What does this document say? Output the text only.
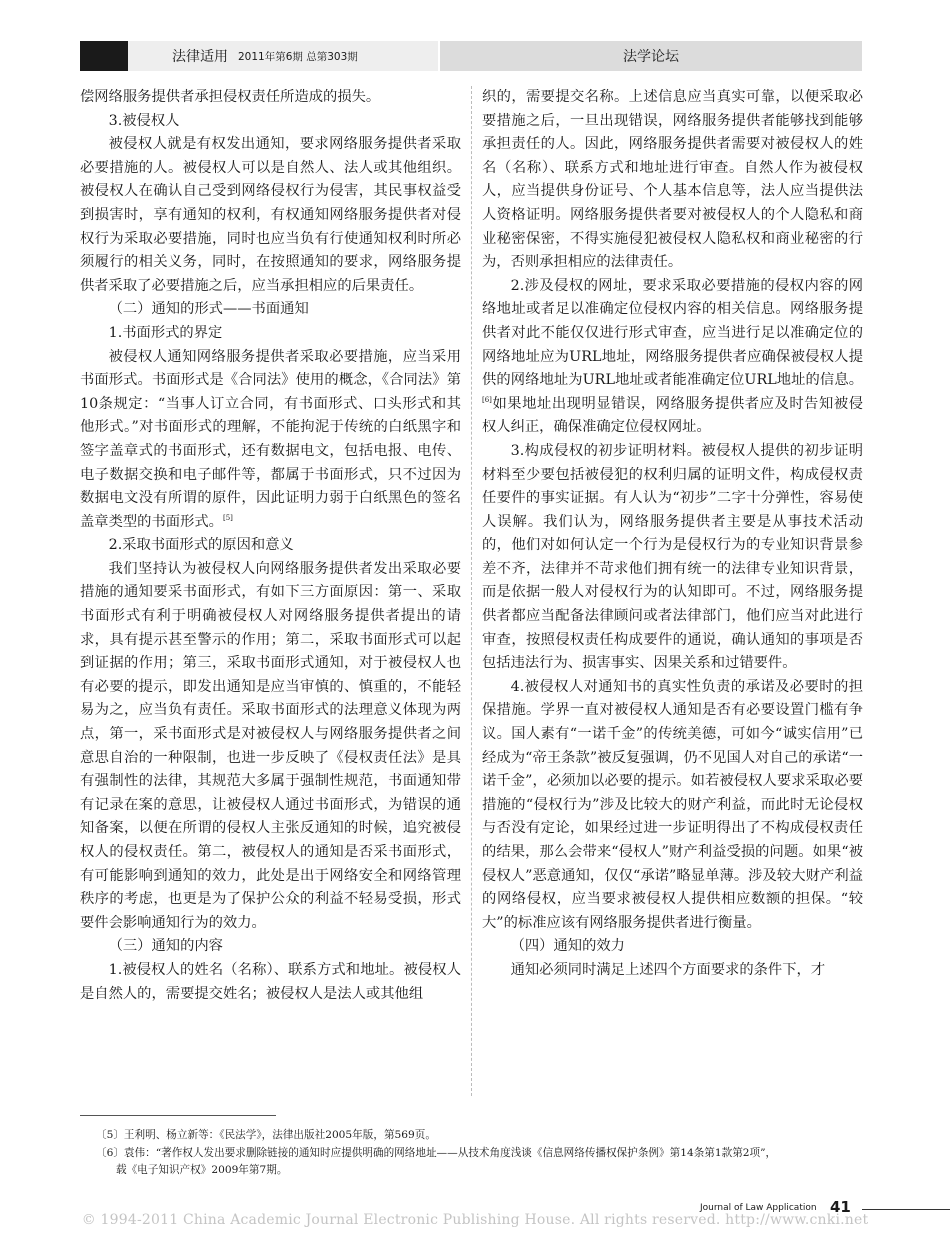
法律适用 2011年第6期 总第303期	法学论坛

偿网络服务提供者承担侵权责任所造成的损失。

3.被侵权人

被侵权人就是有权发出通知，要求网络服务提供者采取必要措施的人。被侵权人可以是自然人、法人或其他组织。被侵权人在确认自己受到网络侵权行为侵害，其民事权益受到损害时，享有通知的权利，有权通知网络服务提供者对侵权行为采取必要措施，同时也应当负有行使通知权利时所必须履行的相关义务，同时，在按照通知的要求，网络服务提供者采取了必要措施之后，应当承担相应的后果责任。

（二）通知的形式——书面通知

1.书面形式的界定

被侵权人通知网络服务提供者采取必要措施，应当采用书面形式。书面形式是《合同法》使用的概念，《合同法》第10条规定：“当事人订立合同，有书面形式、口头形式和其他形式。”对书面形式的理解，不能拘泥于传统的白纸黑字和签字盖章式的书面形式，还有数据电文，包括电报、电传、电子数据交换和电子邮件等，都属于书面形式，只不过因为数据电文没有所谓的原件，因此证明力弱于白纸黑色的签名盖章类型的书面形式。[5]

2.采取书面形式的原因和意义

我们坚持认为被侵权人向网络服务提供者发出采取必要措施的通知要采书面形式，有如下三方面原因：第一、采取书面形式有利于明确被侵权人对网络服务提供者提出的请求，具有提示甚至警示的作用；第二，采取书面形式可以起到证据的作用；第三，采取书面形式通知，对于被侵权人也有必要的提示，即发出通知是应当审慎的、慎重的，不能轻易为之，应当负有责任。采取书面形式的法理意义体现为两点，第一，采书面形式是对被侵权人与网络服务提供者之间意思自治的一种限制，也进一步反映了《侵权责任法》是具有强制性的法律，其规范大多属于强制性规范，书面通知带有记录在案的意思，让被侵权人通过书面形式，为错误的通知备案，以便在所谓的侵权人主张反通知的时候，追究被侵权人的侵权责任。第二，被侵权人的通知是否采书面形式，有可能影响到通知的效力，此处是出于网络安全和网络管理秩序的考虑，也更是为了保护公众的利益不轻易受损，形式要件会影响通知行为的效力。

（三）通知的内容

1.被侵权人的姓名（名称）、联系方式和地址。被侵权人是自然人的，需要提交姓名；被侵权人是法人或其他组

织的，需要提交名称。上述信息应当真实可靠，以便采取必要措施之后，一旦出现错误，网络服务提供者能够找到能够承担责任的人。因此，网络服务提供者需要对被侵权人的姓名（名称）、联系方式和地址进行审查。自然人作为被侵权人，应当提供身份证号、个人基本信息等，法人应当提供法人资格证明。网络服务提供者要对被侵权人的个人隐私和商业秘密保密，不得实施侵犯被侵权人隐私权和商业秘密的行为，否则承担相应的法律责任。

2.涉及侵权的网址，要求采取必要措施的侵权内容的网络地址或者足以准确定位侵权内容的相关信息。网络服务提供者对此不能仅仅进行形式审查，应当进行足以准确定位的网络地址应为URL地址，网络服务提供者应确保被侵权人提供的网络地址为URL地址或者能准确定位URL地址的信息。[6]如果地址出现明显错误，网络服务提供者应及时告知被侵权人纠正，确保准确定位侵权网址。

3.构成侵权的初步证明材料。被侵权人提供的初步证明材料至少要包括被侵犯的权利归属的证明文件，构成侵权责任要件的事实证据。有人认为“初步”二字十分弹性，容易使人误解。我们认为，网络服务提供者主要是从事技术活动的，他们对如何认定一个行为是侵权行为的专业知识背景参差不齐，法律并不苛求他们拥有统一的法律专业知识背景，而是依据一般人对侵权行为的认知即可。不过，网络服务提供者都应当配备法律顾问或者法律部门，他们应当对此进行审查，按照侵权责任构成要件的通说，确认通知的事项是否包括违法行为、损害事实、因果关系和过错要件。

4.被侵权人对通知书的真实性负责的承诺及必要时的担保措施。学界一直对被侵权人通知是否有必要设置门槛有争议。国人素有“一诺千金”的传统美德，可如今“诚实信用”已经成为“帝王条款”被反复强调，仍不见国人对自己的承诺“一诺千金”，必须加以必要的提示。如若被侵权人要求采取必要措施的“侵权行为”涉及比较大的财产利益，而此时无论侵权与否没有定论，如果经过进一步证明得出了不构成侵权责任的结果，那么会带来“侵权人”财产利益受损的问题。如果“被侵权人”恶意通知，仅仅“承诺”略显单薄。涉及较大财产利益的网络侵权，应当要求被侵权人提供相应数额的担保。“较大”的标准应该有网络服务提供者进行衡量。

（四）通知的效力

通知必须同时满足上述四个方面要求的条件下，才

〔5〕王利明、杨立新等：《民法学》，法律出版社2005年版，第569页。

〔6〕袁伟：“著作权人发出要求删除链接的通知时应提供明确的网络地址——从技术角度浅谈《信息网络传播权保护条例》第14条第1款第2项”，

载《电子知识产权》2009年第7期。

Journal of Law Application 41
© 1994-2011 China Academic Journal Electronic Publishing House. All rights reserved. http://www.cnki.net
